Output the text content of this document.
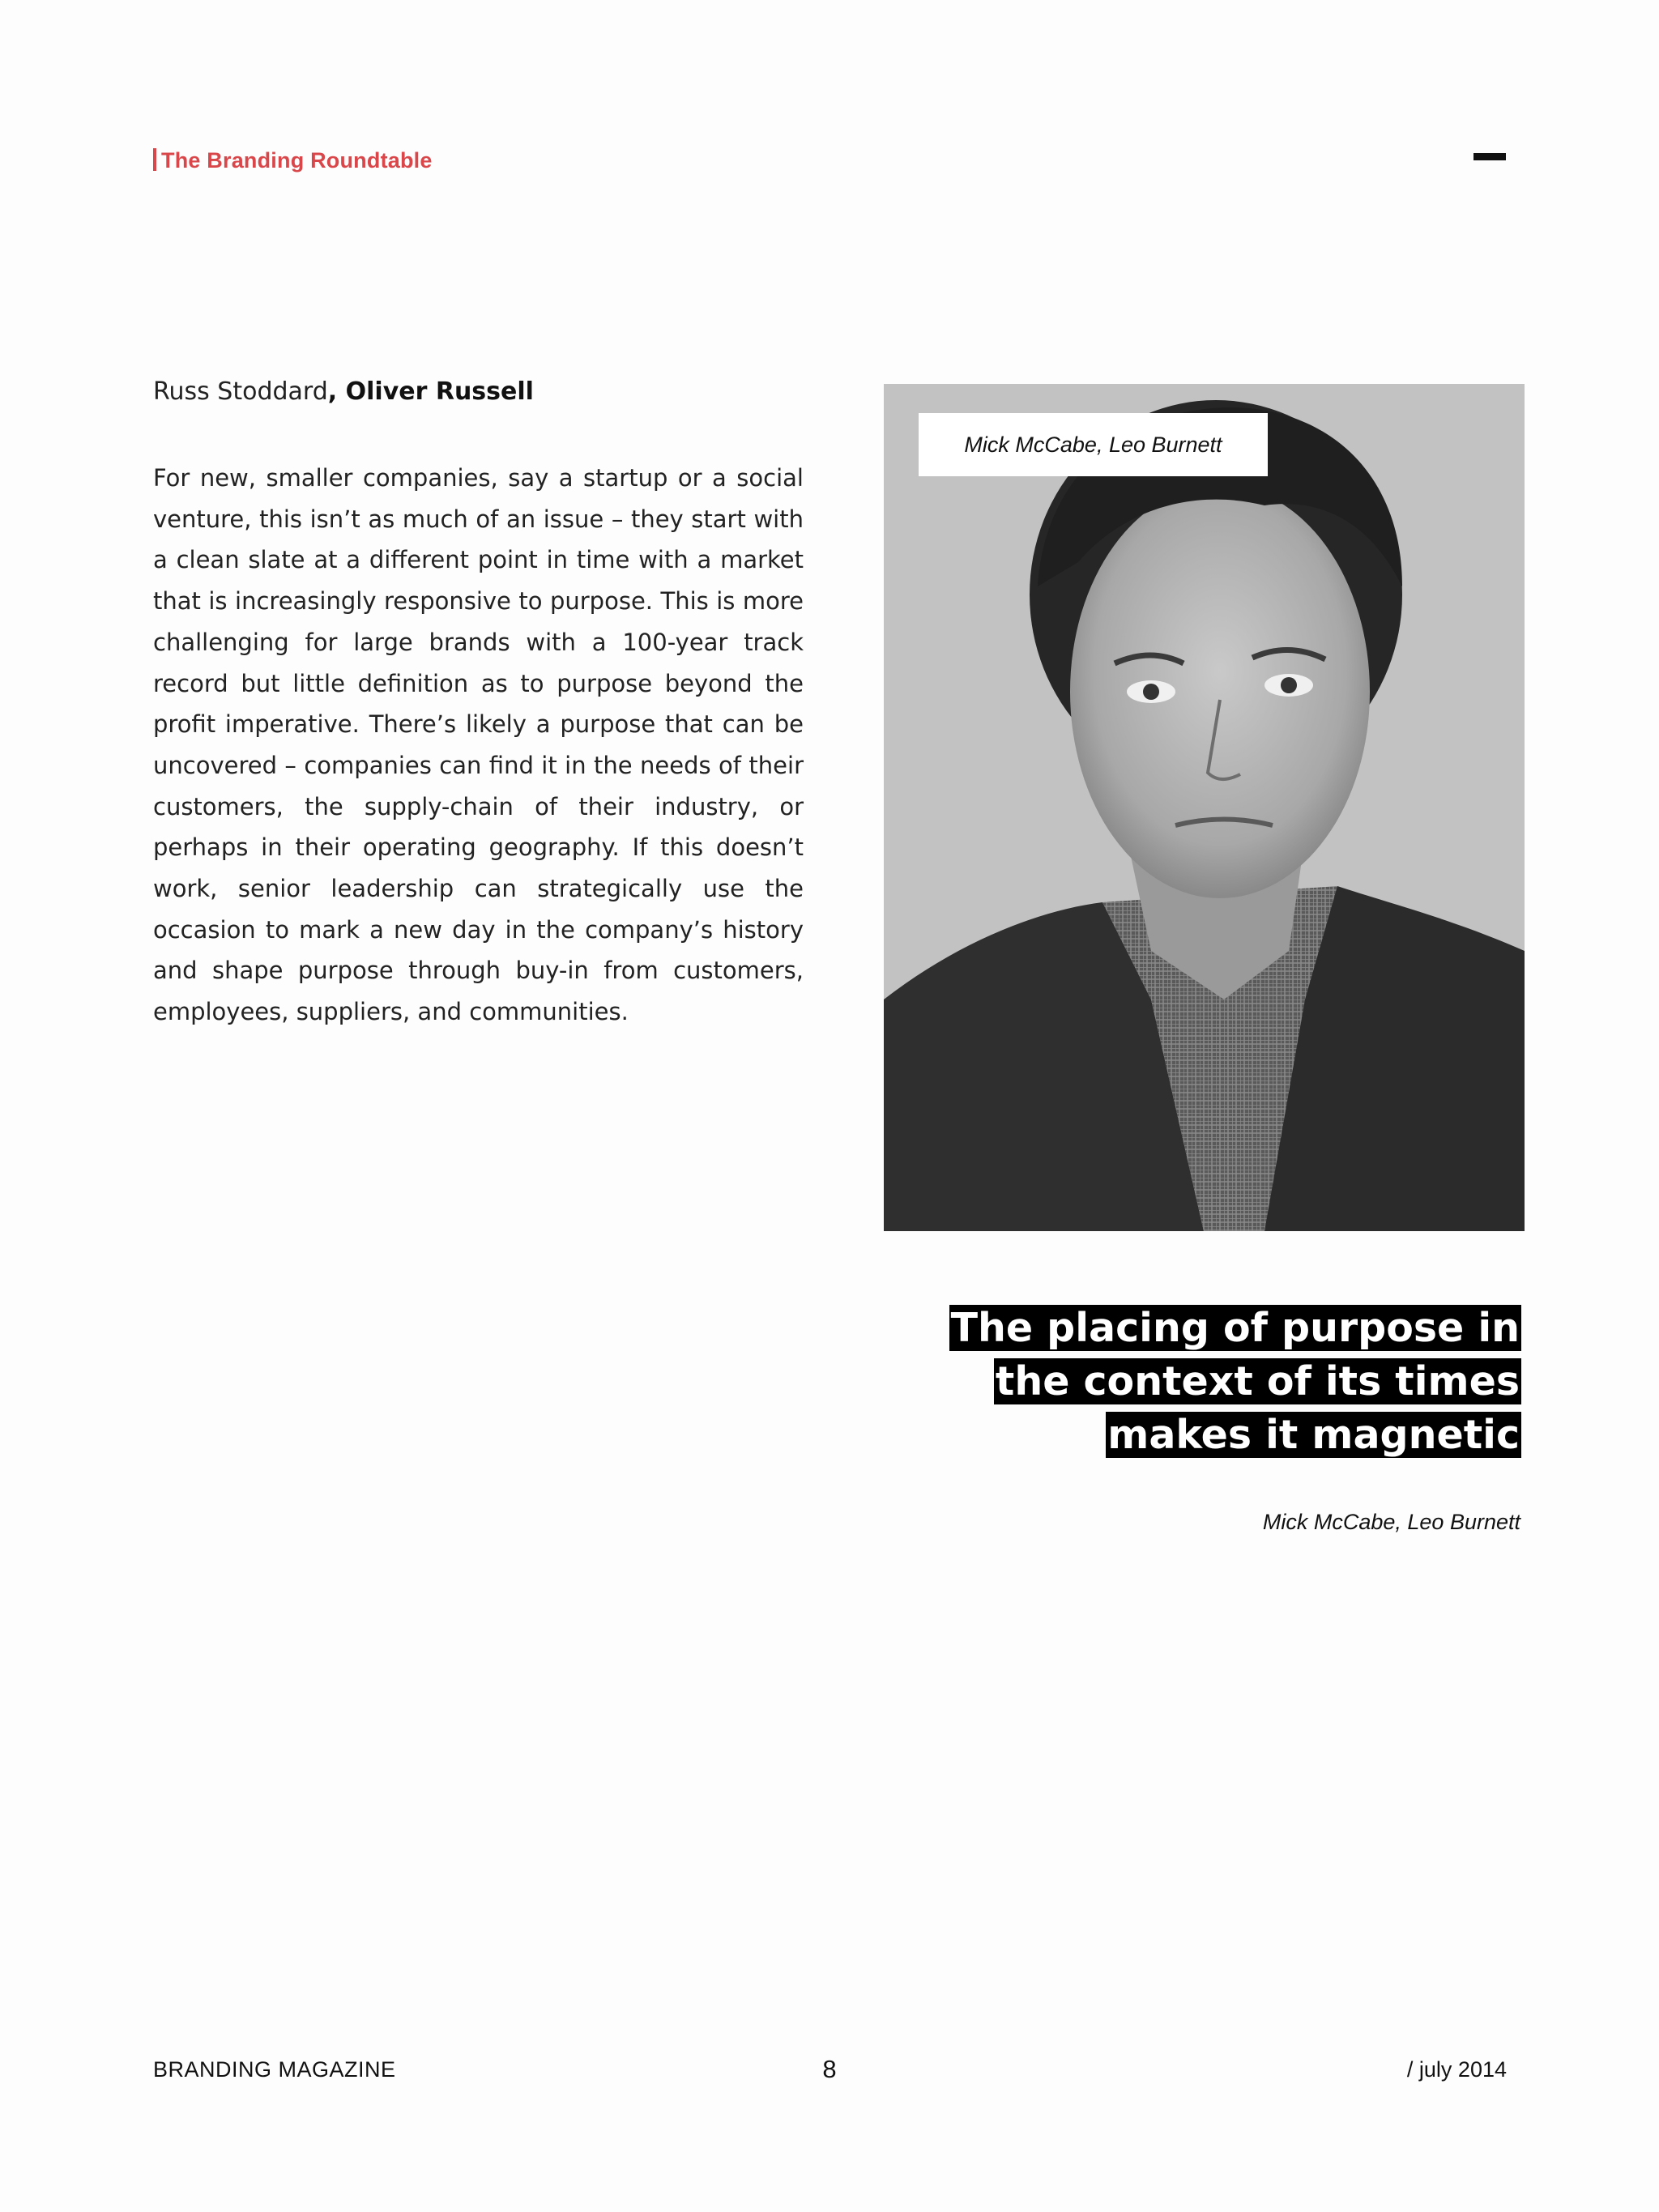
The Branding Roundtable
Russ Stoddard, Oliver Russell

For new, smaller companies, say a startup or a social venture, this isn’t as much of an issue – they start with a clean slate at a different point in time with a market that is increasingly responsive to purpose. This is more challenging for large brands with a 100-year track record but little definition as to purpose beyond the profit imperative. There’s likely a purpose that can be uncovered – companies can find it in the needs of their customers, the supply-chain of their industry, or perhaps in their operating geography. If this doesn’t work, senior leadership can strategically use the occasion to mark a new day in the company’s history and shape purpose through buy-in from customers, employees, suppliers, and communities.

Mick McCabe, Leo Burnett
The placing of purpose in the context of its times makes it magnetic
Mick McCabe, Leo Burnett
BRANDING MAGAZINE	8	/ july 2014
